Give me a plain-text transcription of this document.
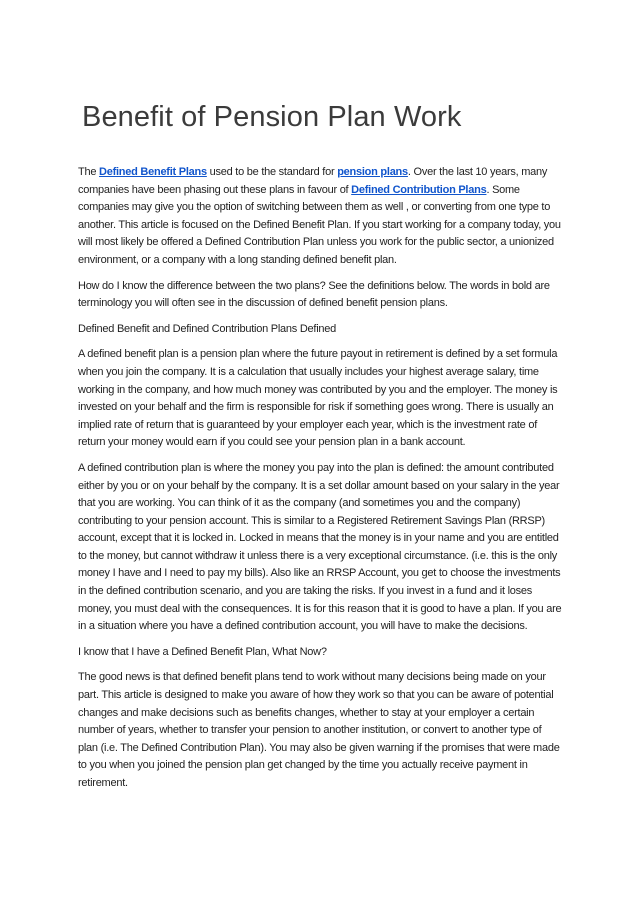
Benefit of Pension Plan Work

The Defined Benefit Plans used to be the standard for pension plans. Over the last 10 years, many companies have been phasing out these plans in favour of Defined Contribution Plans. Some companies may give you the option of switching between them as well , or converting from one type to another. This article is focused on the Defined Benefit Plan. If you start working for a company today, you will most likely be offered a Defined Contribution Plan unless you work for the public sector, a unionized environment, or a company with a long standing defined benefit plan.

How do I know the difference between the two plans? See the definitions below. The words in bold are terminology you will often see in the discussion of defined benefit pension plans.

Defined Benefit and Defined Contribution Plans Defined

A defined benefit plan is a pension plan where the future payout in retirement is defined by a set formula when you join the company. It is a calculation that usually includes your highest average salary, time working in the company, and how much money was contributed by you and the employer. The money is invested on your behalf and the firm is responsible for risk if something goes wrong. There is usually an implied rate of return that is guaranteed by your employer each year, which is the investment rate of return your money would earn if you could see your pension plan in a bank account.

A defined contribution plan is where the money you pay into the plan is defined: the amount contributed either by you or on your behalf by the company. It is a set dollar amount based on your salary in the year that you are working. You can think of it as the company (and sometimes you and the company) contributing to your pension account. This is similar to a Registered Retirement Savings Plan (RRSP) account, except that it is locked in. Locked in means that the money is in your name and you are entitled to the money, but cannot withdraw it unless there is a very exceptional circumstance. (i.e. this is the only money I have and I need to pay my bills). Also like an RRSP Account, you get to choose the investments in the defined contribution scenario, and you are taking the risks. If you invest in a fund and it loses money, you must deal with the consequences. It is for this reason that it is good to have a plan. If you are in a situation where you have a defined contribution account, you will have to make the decisions.

I know that I have a Defined Benefit Plan, What Now?

The good news is that defined benefit plans tend to work without many decisions being made on your part. This article is designed to make you aware of how they work so that you can be aware of potential changes and make decisions such as benefits changes, whether to stay at your employer a certain number of years, whether to transfer your pension to another institution, or convert to another type of plan (i.e. The Defined Contribution Plan). You may also be given warning if the promises that were made to you when you joined the pension plan get changed by the time you actually receive payment in retirement.
